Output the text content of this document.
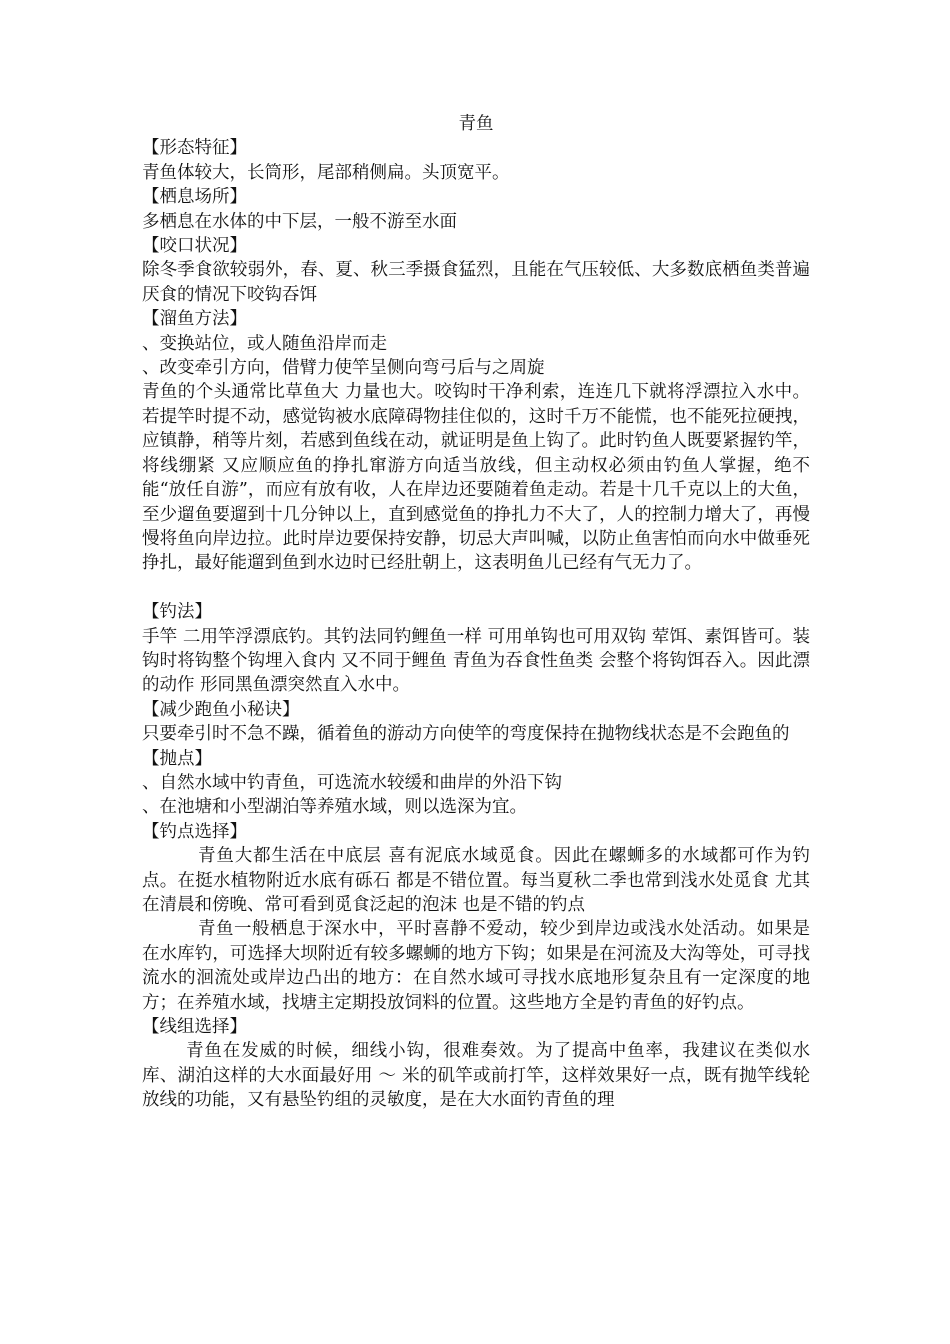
青鱼

【形态特征】

青鱼体较大，长筒形，尾部稍侧扁。头顶宽平。

【栖息场所】

多栖息在水体的中下层，一般不游至水面

【咬口状况】

除冬季食欲较弱外，春、夏、秋三季摄食猛烈，且能在气压较低、大多数底栖鱼类普遍厌食的情况下咬钩吞饵

【溜鱼方法】

、变换站位，或人随鱼沿岸而走

、改变牵引方向，借臂力使竿呈侧向弯弓后与之周旋

青鱼的个头通常比草鱼大 力量也大。咬钩时干净利索，连连几下就将浮漂拉入水中。若提竿时提不动，感觉钩被水底障碍物挂住似的，这时千万不能慌，也不能死拉硬拽，应镇静，稍等片刻，若感到鱼线在动，就证明是鱼上钩了。此时钓鱼人既要紧握钓竿，将线绷紧 又应顺应鱼的挣扎窜游方向适当放线，但主动权必须由钓鱼人掌握，绝不能“放任自游”，而应有放有收，人在岸边还要随着鱼走动。若是十几千克以上的大鱼，至少遛鱼要遛到十几分钟以上，直到感觉鱼的挣扎力不大了，人的控制力增大了，再慢慢将鱼向岸边拉。此时岸边要保持安静，切忌大声叫喊，以防止鱼害怕而向水中做垂死挣扎，最好能遛到鱼到水边时已经肚朝上，这表明鱼儿已经有气无力了。

【钓法】

手竿 二用竿浮漂底钓。其钓法同钓鲤鱼一样 可用单钩也可用双钩 荤饵、素饵皆可。装钩时将钩整个钩埋入食内 又不同于鲤鱼 青鱼为吞食性鱼类 会整个将钩饵吞入。因此漂的动作 形同黑鱼漂突然直入水中。

【减少跑鱼小秘诀】

只要牵引时不急不躁，循着鱼的游动方向使竿的弯度保持在抛物线状态是不会跑鱼的

【抛点】

、自然水域中钓青鱼，可选流水较缓和曲岸的外沿下钩

、在池塘和小型湖泊等养殖水域，则以选深为宜。

【钓点选择】

青鱼大都生活在中底层 喜有泥底水域觅食。因此在螺蛳多的水域都可作为钓点。在挺水植物附近水底有砾石 都是不错位置。每当夏秋二季也常到浅水处觅食 尤其在清晨和傍晚、常可看到觅食泛起的泡沫 也是不错的钓点

青鱼一般栖息于深水中，平时喜静不爱动，较少到岸边或浅水处活动。如果是在水库钓，可选择大坝附近有较多螺蛳的地方下钩；如果是在河流及大沟等处，可寻找流水的洄流处或岸边凸出的地方：在自然水域可寻找水底地形复杂且有一定深度的地方；在养殖水域，找塘主定期投放饲料的位置。这些地方全是钓青鱼的好钓点。

【线组选择】

青鱼在发威的时候，细线小钩，很难奏效。为了提高中鱼率，我建议在类似水库、湖泊这样的大水面最好用 ～ 米的矶竿或前打竿，这样效果好一点，既有抛竿线轮放线的功能，又有悬坠钓组的灵敏度，是在大水面钓青鱼的理
